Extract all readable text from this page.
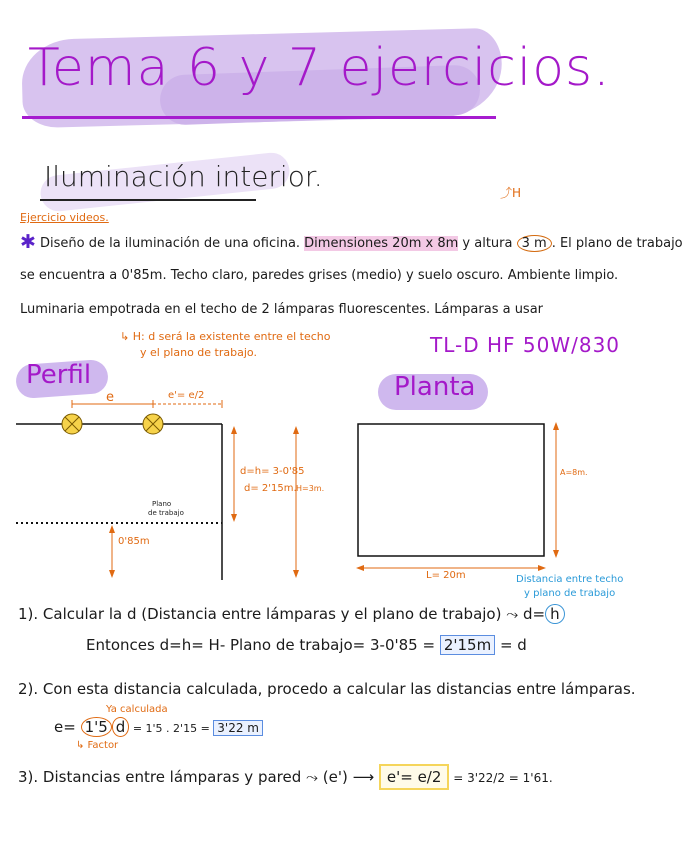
Tema 6 y 7 ejercicios.
Iluminación interior.
Ejercicio videos.
⤴H
✱ Diseño de la iluminación de una oficina. Dimensiones 20m x 8m y altura 3 m . El plano de trabajo
se encuentra a 0'85m. Techo claro, paredes grises (medio) y suelo oscuro. Ambiente limpio.
Luminaria empotrada en el techo de 2 lámparas fluorescentes. Lámparas a usar
↳ H: d será la existente entre el techo
y el plano de trabajo.	TL-D HF 50W/830
Perfil	Planta
e	e'= e/2
d=h= 3-0'85
d= 2'15m. H=3m.
Plano
de trabajo
0'85m
A=8m.
L= 20m	Distancia entre techo
y plano de trabajo
1). Calcular la d (Distancia entre lámparas y el plano de trabajo) ⤳ d= h
Entonces d=h= H- Plano de trabajo= 3-0'85 = 2'15m = d
2). Con esta distancia calculada, procedo a calcular las distancias entre lámparas.
Ya calculada
e= 1'5 d = 1'5 . 2'15 = 3'22 m
↳ Factor
3). Distancias entre lámparas y pared ⤳ (e') ⟶ e'= e/2 = 3'22/2 = 1'61.
